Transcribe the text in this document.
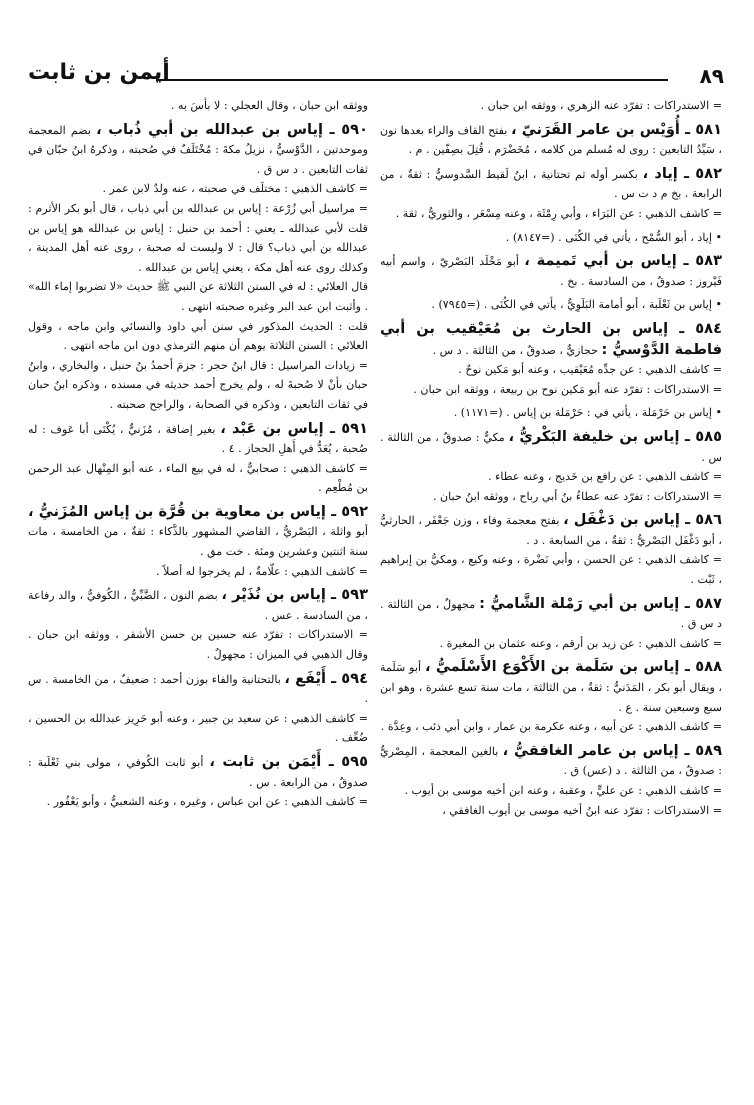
٨٩
أيمن بن ثابت

= الاستدراكات : تفرّد عنه الزهري ، ووثقه ابن حبان .

٥٨١ ـ أُوَيْس بن عامر القَرَنيّ ، بفتح القاف والراء بعدها نون ، سَيِّدُ التابعين : روى له مُسلم من كلامه ، مُخَضْرَم ، قُتِلَ بصِفّين . م .
٥٨٢ ـ إياد ، بكسر أوله ثم تحتانية ، ابنُ لَقيط السَّدوسيُّ : ثقةٌ ، من الرابعة . بخ م د ت س .

= كاشف الذهبي : عن البَرَاء ، وأبي رِمْثَة ، وعنه مِسْعَر ، والثوريُّ ، ثقة .

• إياد ، أبو السُّمْح ، يأتي في الكُنَى . (=٨١٤٧) .

٥٨٣ ـ إياس بن أبي تَميمة ، أبو مَخْلَد البَصْريّ ، واسم أبيه فَيْروز : صدوقٌ ، من السادسة . بخ .

• إياس بن ثَعْلَبة ، أبو أمامة البَلَوِيُّ ، يأتي في الكُنَى . (=٧٩٤٥) .

٥٨٤ ـ إياس بن الحارث بن مُعَيْقيب بن أبي فاطمة الدَّوْسيُّ : حجازيٌّ ، صدوقٌ ، من الثالثة . د س .

= كاشف الذهبي : عن جدِّه مُعَيْقيب ، وعنه أبو مَكين نوحٌ .

= الاستدراكات : تفرّد عنه أبو مَكين نوح بن ربيعة ، ووثقه ابن حبان .

• إياس بن حَرْمَلة ، يأتي في : حَرْمَلة بن إياس . (=١١٧١) .

٥٨٥ ـ إياس بن خليفة البَكْريُّ ، مكيٌّ : صدوقٌ ، من الثالثة . س .

= كاشف الذهبي : عن رافع بن خَديج ، وعنه عطاء .

= الاستدراكات : تفرّد عنه عطاءُ بنُ أبي رباح ، ووثقه ابنُ حبان .

٥٨٦ ـ إياس بن دَغْفَل ، بفتح معجمة وفاء ، وزن جَعْفَر ، الحارثيُّ ، أبو دَغْفَل البَصْريُّ : ثقةٌ ، من السابعة . د .

= كاشف الذهبي : عن الحسن ، وأبي نَضْرة ، وعنه وكيع ، ومكيُّ بن إبراهيم ، ثَبْت .

٥٨٧ ـ إياس بن أبي رَمْلة الشَّاميُّ : مجهولٌ ، من الثالثة . د س ق .

= كاشف الذهبي : عن زيد بن أرقم ، وعنه عثمان بن المغيرة .

٥٨٨ ـ إياس بن سَلَمة بن الأَكْوَع الأَسْلَميُّ ، أبو سَلَمة ، ويقال أبو بكر ، المَدَنيُّ : ثقةٌ ، من الثالثة ، مات سنة تسع عشرة ، وهو ابن سبع وسبعين سنة . ع .

= كاشف الذهبي : عن أبيه ، وعنه عكرمة بن عمار ، وابن أبي ذئب ، وعِدَّة .

٥٨٩ ـ إياس بن عامر الغافقيُّ ، بالغين المعجمة ، المِصْريُّ : صدوقٌ ، من الثالثة . د (عس) ق .

= كاشف الذهبي : عن عليٍّ ، وعقبة ، وعنه ابن أخيه موسى بن أيوب .

= الاستدراكات : تفرّد عنه ابنُ أخيه موسى بن أيوب الغافقي ،

ووثقه ابن حبان ، وقال العجلي : لا بأسَ به .

٥٩٠ ـ إياس بن عبدالله بن أبي ذُباب ، بضم المعجمة وموحدتين ، الدَّوْسيُّ ، نزيلُ مكةَ : مُخْتَلَفٌ في صُحبته ، وذكرهُ ابنُ حبّان في ثقات التابعين . د س ق .

= كاشف الذهبي : مختلَف في صحبته ، عنه ولدٌ لابن عمر .

= مراسيل أبي زُرْعة : إياس بن عبدالله بن أبي ذباب ، قال أبو بكر الأثرم : قلت لأبي عبدالله ـ يعني : أحمد بن حنبل : إياس بن عبدالله هو إياس بن عبدالله بن أبي ذباب؟ قال : لا وليست له صحبة ، روى عنه أهل المدينة ، وكذلك روى عنه أهل مكة ، يعني إياس بن عبدالله .

قال العلائي : له في السنن الثلاثة عن النبي ﷺ حديث «لا تضربوا إماء الله» . وأثبت ابن عبد البر وغيره صحبته انتهى .

قلت : الحديث المذكور في سنن أبي داود والنسائي وابن ماجه ، وقول العلائي : السنن الثلاثة يوهم أن منهم الترمذي دون ابن ماجه انتهى .

= زيادات المراسيل : قال ابنُ حجر : جزمَ أحمدُ بنُ حنبل ، والبخاري ، وابنُ حبان بأنْ لا صُحبةَ له ، ولم يخرج أحمد حديثه في مسنده ، وذكره ابنُ حبان في ثقات التابعين ، وذكره في الصحابة ، والراجح صحبته .

٥٩١ ـ إياس بن عَبْد ، بغير إضافة ، مُزَنيٌّ ، يُكْنَى أبا عَوف : له صُحبة ، يُعَدُّ في أَهلِ الحجاز . ٤ .

= كاشف الذهبي : صحابيٌّ ، له في بيع الماء ، عنه أبو المِنْهال عبد الرحمن بن مُطْعِم .

٥٩٢ ـ إياس بن معاوية بن قُرَّة بن إياس المُزَنيُّ ، أبو واثلة ، البَصْريُّ ، القاضي المشهور بالذَّكاء : ثقةٌ ، من الخامسة ، مات سنة اثنتين وعشرين ومئة . خت مق .

= كاشف الذهبي : علّامةٌ ، لم يخرجوا له أصلاً .

٥٩٣ ـ إياس بن نُذَيْر ، بضم النون ، الضَّبِّيُّ ، الكُوفيُّ ، والد رفاعة ، من السادسة . عس .

= الاستدراكات : تفرّد عنه حسين بن حسن الأشقر ، ووثقه ابن حبان . وقال الذهبي في الميزان : مجهولٌ .

٥٩٤ ـ أَيْفَع ، بالتحتانية والفاء بوزن أحمد : ضعيفٌ ، من الخامسة . س .

= كاشف الذهبي : عن سعيد بن جبير ، وعنه أبو حَرِيز عبدالله بن الحسين ، ضُعِّف .

٥٩٥ ـ أَيْمَن بن ثابت ، أبو ثابت الكُوفي ، مولى بني ثَعْلَبة : صدوقٌ ، من الرابعة . س .

= كاشف الذهبي : عن ابن عباس ، وغيره ، وعنه الشعبيُّ ، وأبو يَعْفُور .
